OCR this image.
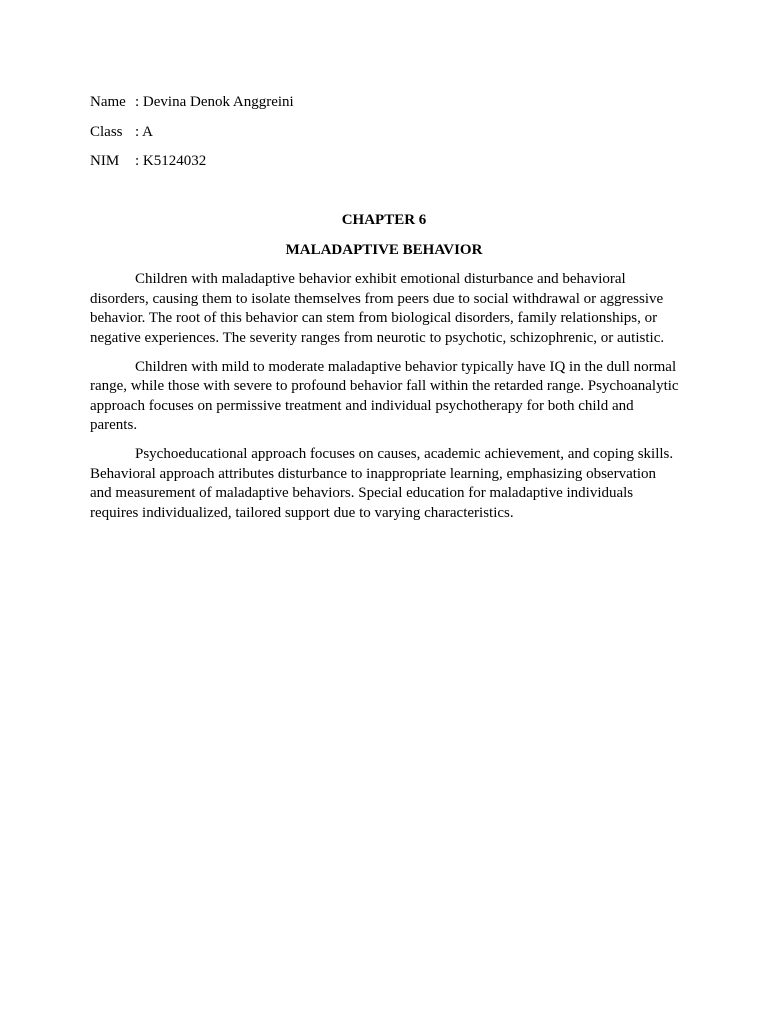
Name : Devina Denok Anggreini
Class : A
NIM	: K5124032
CHAPTER 6
MALADAPTIVE BEHAVIOR

Children with maladaptive behavior exhibit emotional disturbance and behavioral disorders, causing them to isolate themselves from peers due to social withdrawal or aggressive behavior. The root of this behavior can stem from biological disorders, family relationships, or negative experiences. The severity ranges from neurotic to psychotic, schizophrenic, or autistic.

Children with mild to moderate maladaptive behavior typically have IQ in the dull normal range, while those with severe to profound behavior fall within the retarded range. Psychoanalytic approach focuses on permissive treatment and individual psychotherapy for both child and parents.

Psychoeducational approach focuses on causes, academic achievement, and coping skills. Behavioral approach attributes disturbance to inappropriate learning, emphasizing observation and measurement of maladaptive behaviors. Special education for maladaptive individuals requires individualized, tailored support due to varying characteristics.
